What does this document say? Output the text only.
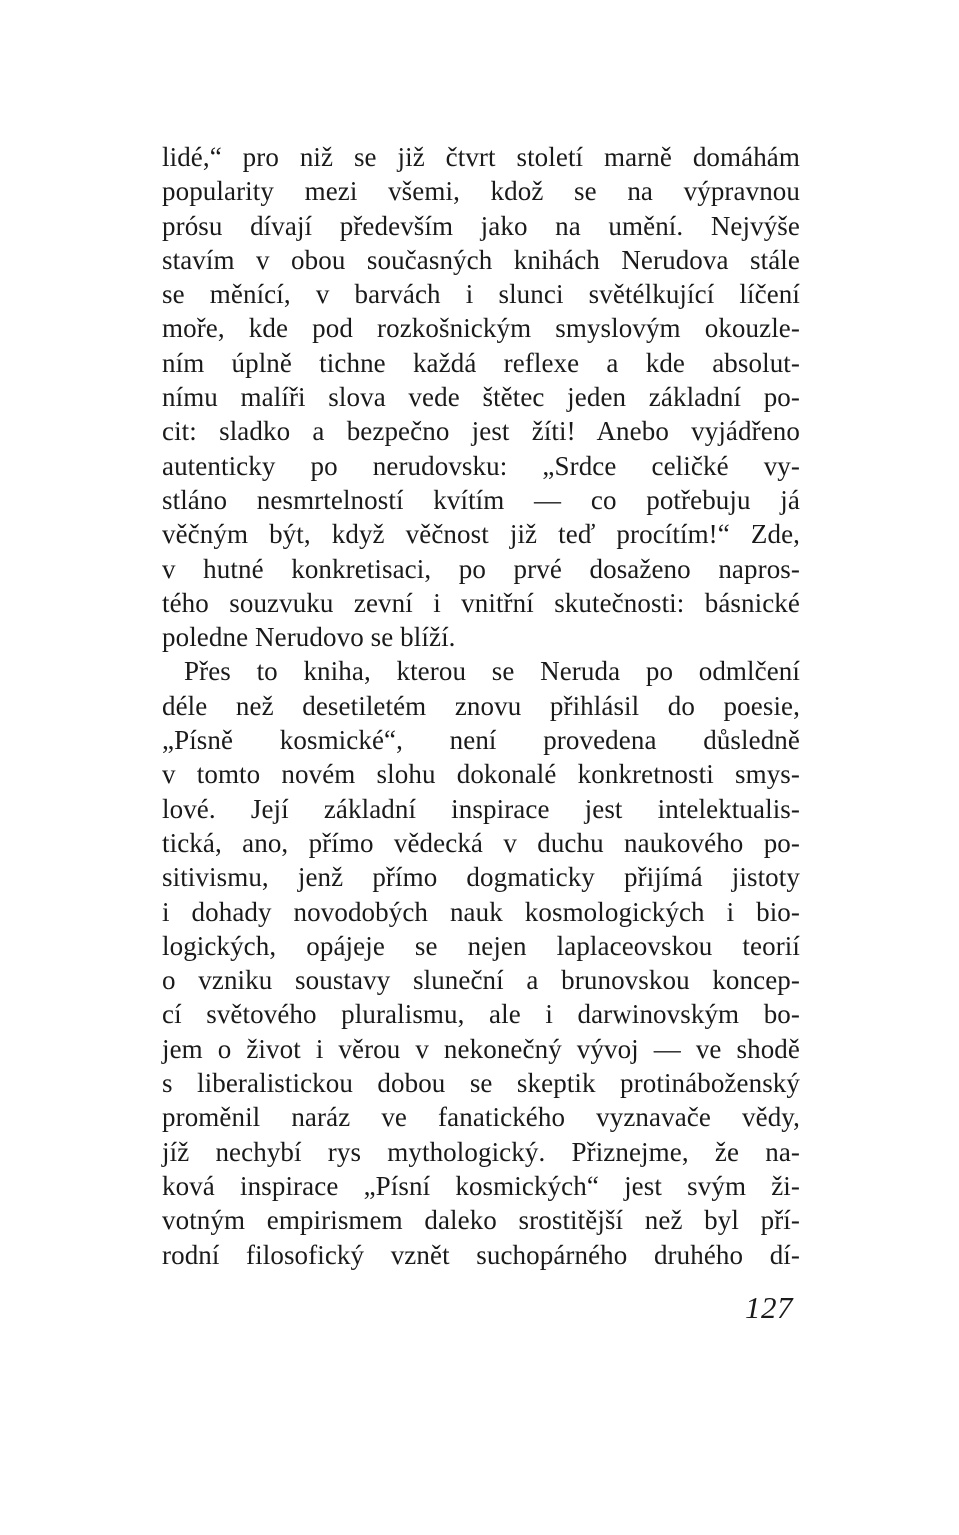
lidé,“ pro niž se již čtvrt století marně domáhám
popularity mezi všemi, kdož se na výpravnou
prósu dívají především jako na umění. Nejvýše
stavím v obou současných knihách Nerudova stále
se měnící, v barvách i slunci světélkující líčení
moře, kde pod rozkošnickým smyslovým okouzle-
ním úplně tichne každá reflexe a kde absolut-
nímu malíři slova vede štětec jeden základní po-
cit: sladko a bezpečno jest žíti! Anebo vyjádřeno
autenticky po nerudovsku: „Srdce celičké vy-
stláno nesmrtelností kvítím — co potřebuju já
věčným být, když věčnost již teď procítím!“ Zde,
v hutné konkretisaci, po prvé dosaženo napros-
tého souzvuku zevní i vnitřní skutečnosti: básnické
poledne Nerudovo se blíží.
Přes to kniha, kterou se Neruda po odmlčení
déle než desetiletém znovu přihlásil do poesie,
„Písně kosmické“, není provedena důsledně
v tomto novém slohu dokonalé konkretnosti smys-
lové. Její základní inspirace jest intelektualis-
tická, ano, přímo vědecká v duchu naukového po-
sitivismu, jenž přímo dogmaticky přijímá jistoty
i dohady novodobých nauk kosmologických i bio-
logických, opájeje se nejen laplaceovskou teorií
o vzniku soustavy sluneční a brunovskou koncep-
cí světového pluralismu, ale i darwinovským bo-
jem o život i věrou v nekonečný vývoj — ve shodě
s liberalistickou dobou se skeptik protináboženský
proměnil naráz ve fanatického vyznavače vědy,
jíž nechybí rys mythologický. Přiznejme, že na-
ková inspirace „Písní kosmických“ jest svým ži-
votným empirismem daleko srostitější než byl pří-
rodní filosofický vznět suchopárného druhého dí-
127
